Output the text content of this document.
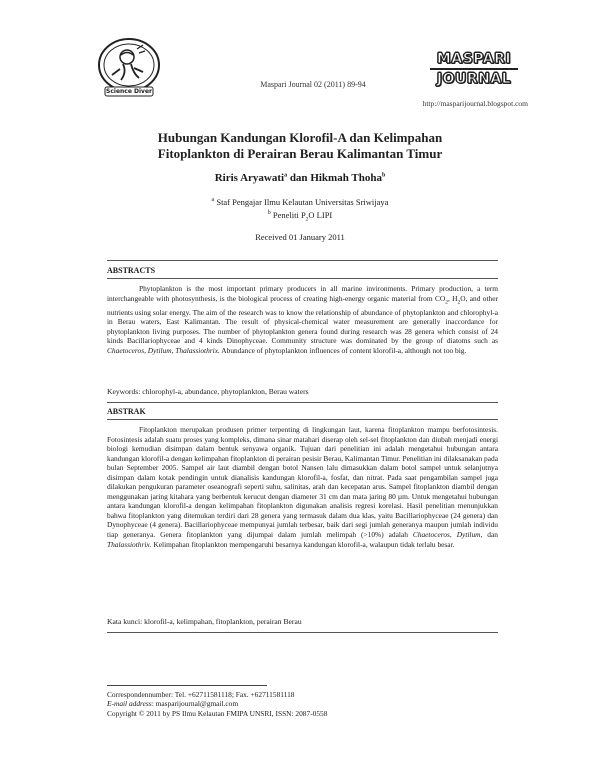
Science Diver
Maspari Journal 02 (2011) 89-94
MASPARI
JOURNAL
http://masparijournal.blogspot.com
Hubungan Kandungan Klorofil-A dan Kelimpahan
Fitoplankton di Perairan Berau Kalimantan Timur
Riris Aryawati$^a$ dan Hikmah Thoha$^b$
$^a$ Staf Pengajar Ilmu Kelautan Universitas Sriwijaya
$^b$ Peneliti $P_2O$ LIPI
Received 01 January 2011
ABSTRACTS
Phytoplankton is the most important primary producers in all marine invironments. Primary production, a term interchangeable with photosynthesis, is the biological process of creating high-energy organic material from $CO_2$, $H_2O$, and other nutrients using solar energy. The aim of the research was to know the relationship of abundance of phytoplankton and chlorophyl-a in Berau waters, East Kalimantan. The result of physical-chemical water measurement are generally inaccordance for phytoplankton living purposes. The number of phytoplankton genera found during research was 28 genera which consist of 24 kinds Bacillariophyceae and 4 kinds Dinophyceae. Community structure was dominated by the group of diatoms such as Chaetoceros, Dytilum, Thalassiothrix. Abundance of phytoplankton influences of content klorofil-a, although not too big.
Keywords: chlorophyl-a, abundance, phytoplankton, Berau waters
ABSTRAK
Fitoplankton merupakan produsen primer terpenting di lingkungan laut, karena fitoplankton mampu berfotosintesis. Fotosintesis adalah suatu proses yang kompleks, dimana sinar matahari diserap oleh sel-sel fitoplankton dan diubah menjadi energi biologi kemudian disimpan dalam bentuk senyawa organik. Tujuan dari penelitian ini adalah mengetahui hubungan antara kandungan klorofil-a dengan kelimpahan fitoplankton di perairan pesisir Berau, Kalimantan Timur. Penelitian ini dilaksanakan pada bulan September 2005. Sampel air laut diambil dengan botol Nansen lalu dimasukkan dalam botol sampel untuk selanjutnya disimpan dalam kotak pendingin untuk dianalisis kandungan klorofil-a, fosfat, dan nitrat. Pada saat pengambilan sampel juga dilakukan pengukuran parameter oseanografi seperti suhu, salinitas, arah dan kecepatan arus. Sampel fitoplankton diambil dengan menggunakan jaring kitahara yang berbentuk kerucut dengan diameter 31 cm dan mata jaring 80 µm. Untuk mengetahui hubungan antara kandungan klorofil-a dengan kelimpahan fitoplankton digunakan analisis regresi korelasi. Hasil penelitian menunjukkan bahwa fitoplankton yang ditemukan terdiri dari 28 genera yang termasuk dalam dua klas, yaitu Bacillariophyceae (24 genera) dan Dynophyceae (4 genera). Bacillariophyceae mempunyai jumlah terbesar, baik dari segi jumlah generanya maupun jumlah individu tiap generanya. Genera fitoplankton yang dijumpai dalam jumlah melimpah (>10%) adalah Chaetoceros, Dytilum, dan Thalassiothrix. Kelimpahan fitoplankton mempengaruhi besarnya kandungan klorofil-a, walaupun tidak terlalu besar.
Kata kunci: klorofil-a, kelimpahan, fitoplankton, perairan Berau
Correspondennumber: Tel. +62711581118; Fax. +62711581118
E-mail address: masparijournal@gmail.com
Copyright © 2011 by PS Ilmu Kelautan FMIPA UNSRI, ISSN: 2087-0558
